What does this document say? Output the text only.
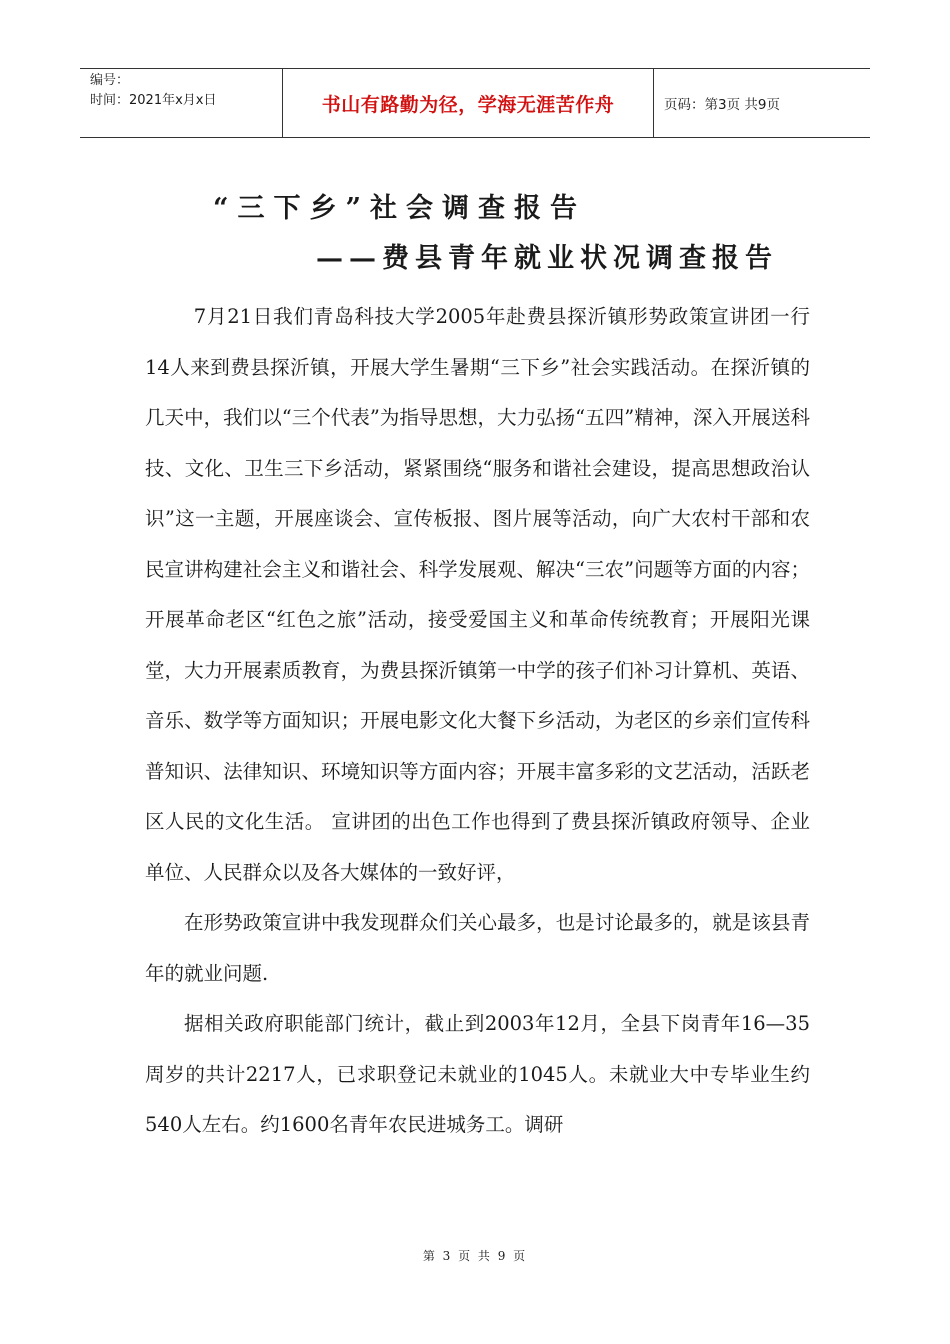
编号：
时间：2021年x月x日	书山有路勤为径，学海无涯苦作舟	页码：第3页 共9页
“三下乡”社会调查报告
——费县青年就业状况调查报告

7月21日我们青岛科技大学2005年赴费县探沂镇形势政策宣讲团一行14人来到费县探沂镇，开展大学生暑期“三下乡”社会实践活动。在探沂镇的几天中，我们以“三个代表”为指导思想，大力弘扬“五四”精神，深入开展送科技、文化、卫生三下乡活动，紧紧围绕“服务和谐社会建设，提高思想政治认识”这一主题，开展座谈会、宣传板报、图片展等活动，向广大农村干部和农民宣讲构建社会主义和谐社会、科学发展观、解决“三农”问题等方面的内容；开展革命老区“红色之旅”活动，接受爱国主义和革命传统教育；开展阳光课堂，大力开展素质教育，为费县探沂镇第一中学的孩子们补习计算机、英语、音乐、数学等方面知识；开展电影文化大餐下乡活动，为老区的乡亲们宣传科普知识、法律知识、环境知识等方面内容；开展丰富多彩的文艺活动，活跃老区人民的文化生活。 宣讲团的出色工作也得到了费县探沂镇政府领导、企业单位、人民群众以及各大媒体的一致好评，

在形势政策宣讲中我发现群众们关心最多，也是讨论最多的，就是该县青年的就业问题.

据相关政府职能部门统计，截止到2003年12月，全县下岗青年16—35周岁的共计2217人，已求职登记未就业的1045人。未就业大中专毕业生约540人左右。约1600名青年农民进城务工。调研

第 3 页 共 9 页
